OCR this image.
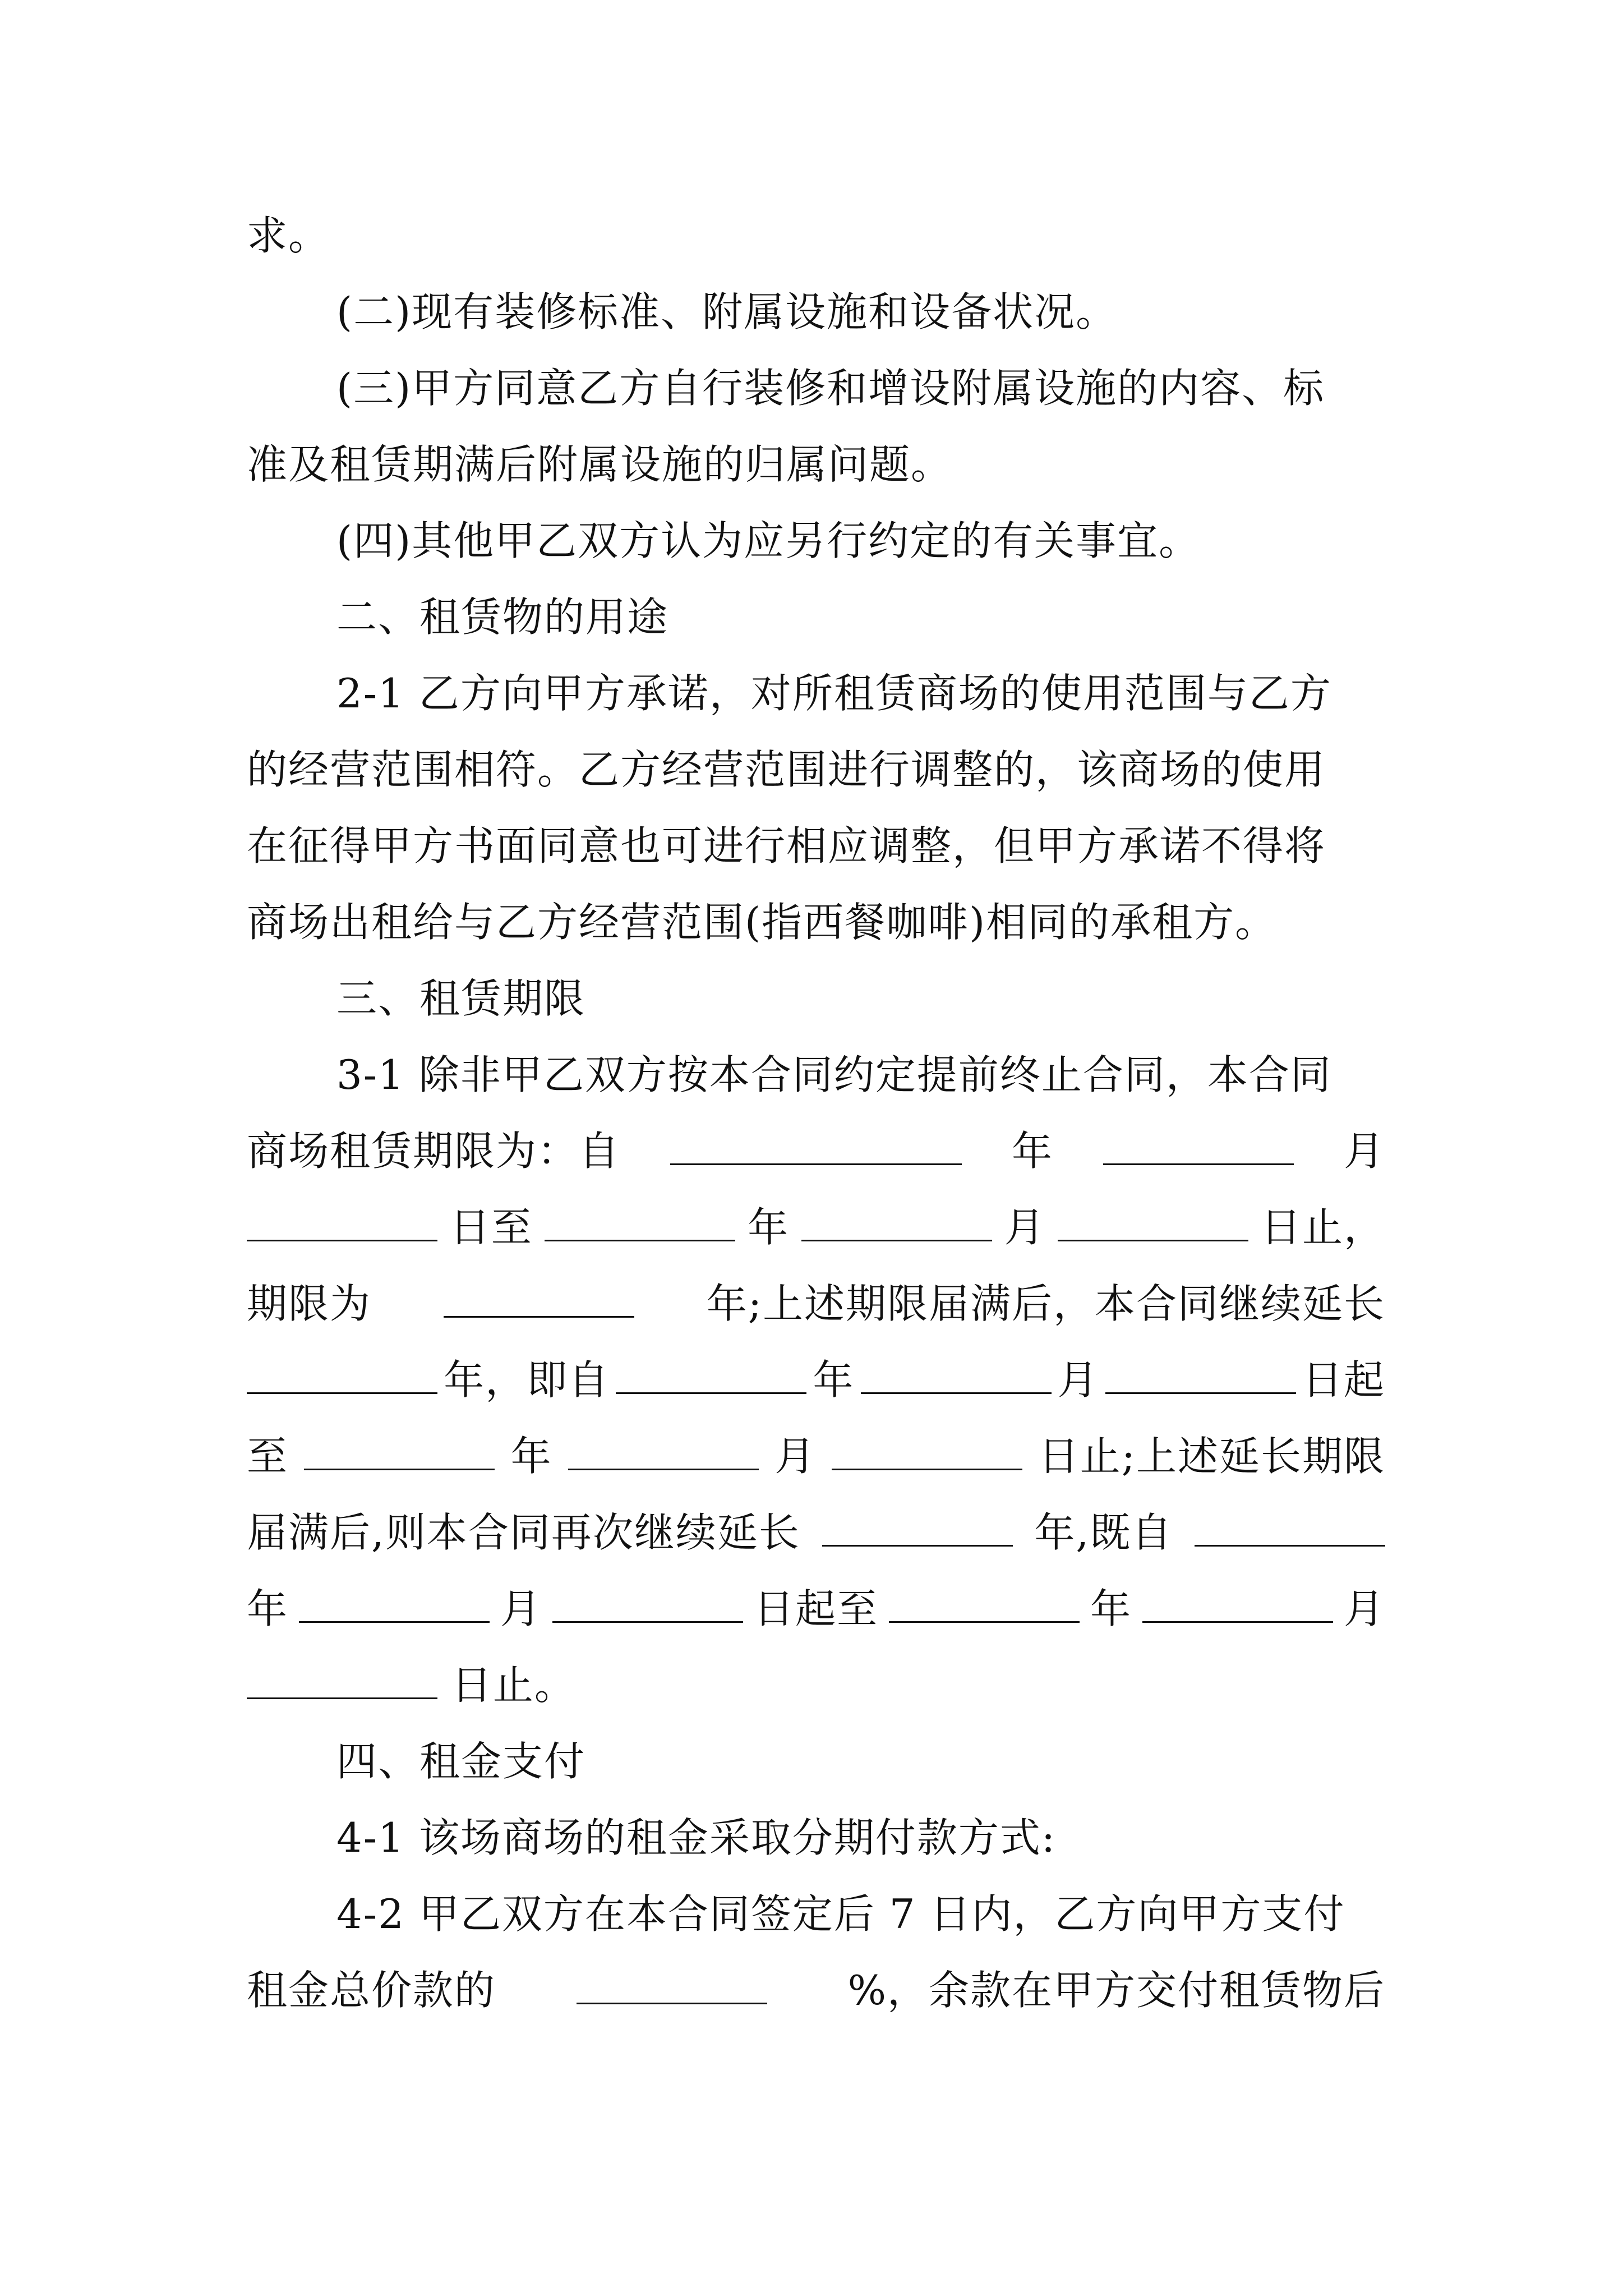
求。
(二)现有装修标准、附属设施和设备状况。
(三)甲方同意乙方自行装修和增设附属设施的内容、标
准及租赁期满后附属设施的归属问题。
(四)其他甲乙双方认为应另行约定的有关事宜。
二、租赁物的用途
2-1 乙方向甲方承诺，对所租赁商场的使用范围与乙方
的经营范围相符。乙方经营范围进行调整的，该商场的使用
在征得甲方书面同意也可进行相应调整，但甲方承诺不得将
商场出租给与乙方经营范围(指西餐咖啡)相同的承租方。
三、租赁期限
3-1 除非甲乙双方按本合同约定提前终止合同，本合同
商场租赁期限为：自	年	月
日至	年	月	日止，
期限为	年;上述期限届满后，本合同继续延长
年，即自	年	月	日起
至	年	月	日止;上述延长期限
届满后,则本合同再次继续延长	年,既自
年	月	日起至	年	月
日止。
四、租金支付
4-1 该场商场的租金采取分期付款方式:
4-2 甲乙双方在本合同签定后 7 日内，乙方向甲方支付
租金总价款的	%，余款在甲方交付租赁物后
